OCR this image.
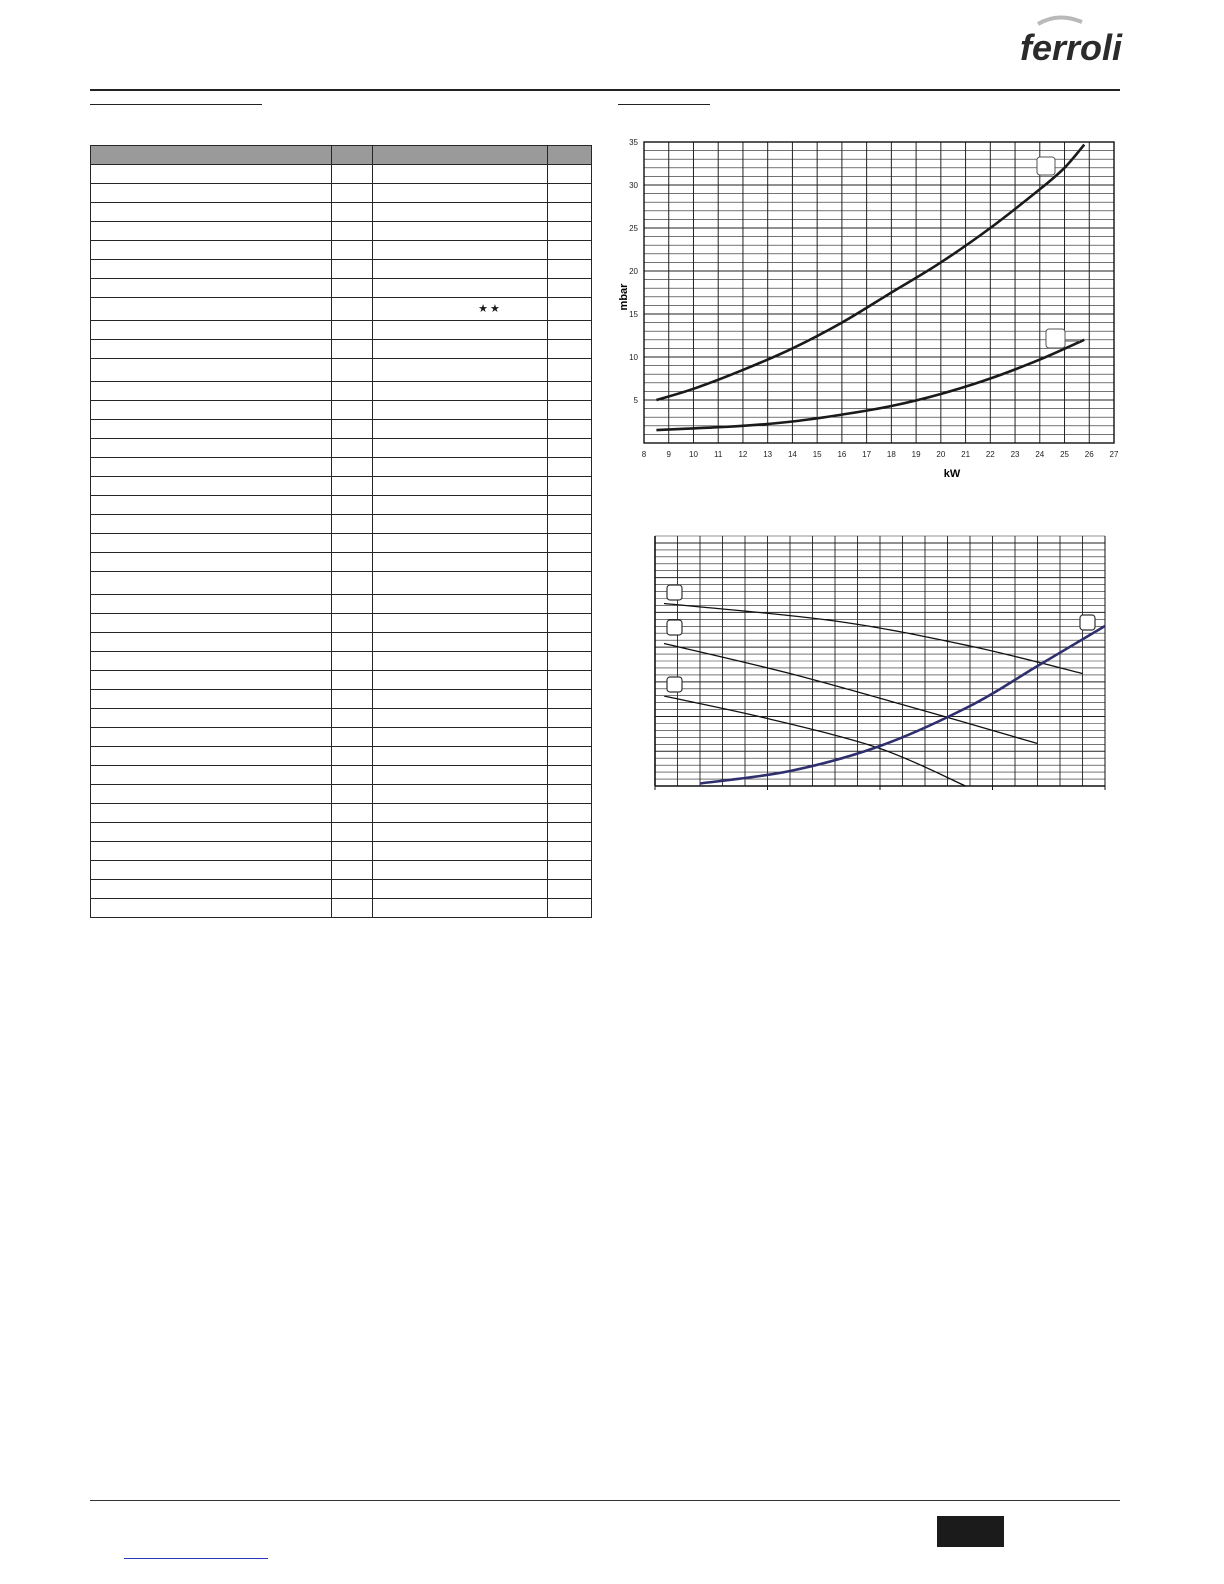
ferroli

		★★	

8	9 10 11 12 13 14 15 16 17 18 19 20 21 22 23 24 25 26 27
5
10
15
20
25
30
35
kW
mbar
